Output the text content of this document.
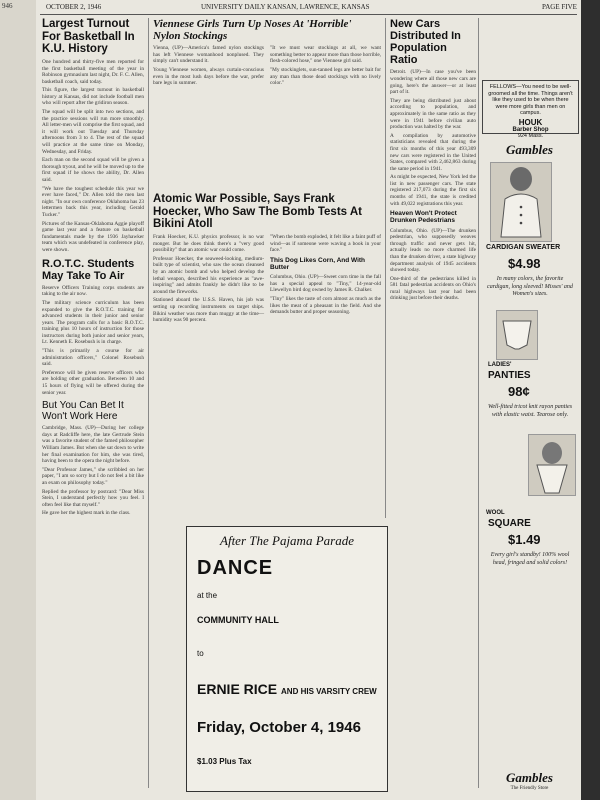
946	OCTOBER 2, 1946	UNIVERSITY DAILY KANSAN, LAWRENCE, KANSAS	PAGE FIVE
Largest Turnout For Basketball In K.U. History

One hundred and thirty-five men reported for the first basketball meeting of the year in Robinson gymnasium last night, Dr. F. C. Allen, basketball coach, said today.

This figure, the largest turnout in basketball history at Kansas, did not include football men who will report after the gridiron season.

The squad will be split into two sections, and the practice sessions will run more smoothly. All letter-men will comprise the first squad, and it will work out Tuesday and Thursday afternoons from 3 to 4. The rest of the squad will practice at the same time on Monday, Wednesday, and Friday.

Each man on the second squad will be given a thorough tryout, and he will be moved up to the first squad if he shows the ability, Dr. Allen said.

"We have the toughest schedule this year we ever have faced," Dr. Allen told the men last night. "In our own conference Oklahoma has 23 lettermen back this year, including Gerald Tucker."

Pictures of the Kansas-Oklahoma Aggie playoff game last year and a feature on basketball fundamentals made by the 1936 Jayhawker team which was undefeated in conference play, were shown.

R.O.T.C. Students May Take To Air

Reserve Officers Training corps students are taking to the air now.

The military science curriculum has been expanded to give the R.O.T.C. training for advanced students in their junior and senior years. The program calls for a basic R.O.T.C. training plus 10 hours of instruction for those instructors during both junior and senior years, Lt. Kenneth E. Rosebush is in charge.

"This is primarily a course for air administration officers," Colonel Rosebush said.

Preference will be given reserve officers who are holding other graduation. Between 10 and 15 hours of flying will be offered during the senior year.

But You Can Bet It Won't Work Here

Cambridge, Mass. (UP)—During her college days at Radcliffe here, the late Gertrude Stein was a favorite student of the famed philosopher William James. But when she sat down to write her final examination for him, she was tired, having been to the opera the night before.

"Dear Professor James," she scribbled on her paper, "I am so sorry but I do not feel a bit like an exam on philosophy today."

Replied the professor by postcard: "Dear Miss Stein, I understand perfectly how you feel. I often feel like that myself."

He gave her the highest mark in the class.

Viennese Girls Turn Up Noses At 'Horrible' Nylon Stockings

Vienna, (UP)—America's famed nylon stockings has left Viennese womanhood nonplused. They simply can't understand it.

Young Viennese women, always curtain-conscious even in the most lush days before the war, prefer bare legs in summer.

"It we must wear stockings at all, we want something better to appear more than those horrible, flesh-colored hose," one Viennese girl said.

"My stockinglets, sun-tanned legs are better bait for any man than those dead stockings with no lively color."

Atomic War Possible, Says Frank Hoecker, Who Saw The Bomb Tests At Bikini Atoll

Frank Hoecker, K.U. physics professor, is no war monger. But he does think there's a "very good possibility" that an atomic war could come.

Professor Hoecker, the seaweed-looking, medium-built type of scientist, who saw the ocean cleansed by an atomic bomb and who helped develop the lethal weapon, described his experience as "awe-inspiring" and admits frankly he didn't like to be around the fireworks.

Stationed aboard the U.S.S. Haven, his job was setting up recording instruments on target ships. Bikini weather was more than muggy at the time—humidity was 90 percent.

"When the bomb exploded, it felt like a faint puff of wind—as if someone were waving a book in your face."

This Dog Likes Corn, And With Butter

Columbus, Ohio. (UP)—Sweet corn time in the fall has a special appeal to "Tiny," 14-year-old Llewellyn bird dog owned by James R. Chalker.

"Tiny" likes the taste of corn almost as much as the likes the meat of a pheasant in the field. And she demands butter and proper seasoning.

New Cars Distributed In Population Ratio

Detroit. (UP)—In case you've been wondering where all those new cars are going, here's the answer—or at least part of it.

They are being distributed just about according to population, and approximately in the same ratio as they were in 1941 before civilian auto production was halted by the war.

A compilation by automotive statisticians revealed that during the first six months of this year 493,309 new cars were registered in the United States, compared with 2,462,863 during the same period in 1941.

As might be expected, New York led the list in new passenger cars. The state registered 217,073 during the first six months of 1941, the state is credited with 49,022 registrations this year.

Heaven Won't Protect Drunken Pedestrians

Columbus, Ohio. (UP)—The drunken pedestrian, who supposedly weaves through traffic and never gets hit, actually leads no more charmed life than the drunken driver, a state highway department analysis of 1945 accidents showed today.

One-third of the pedestrians killed in 581 fatal pedestrian accidents on Ohio's rural highways last year had been drinking just before their deaths.

After The Pajama Parade
DANCE
at the
COMMUNITY HALL
to
ERNIE RICE AND HIS VARSITY CREW
Friday, October 4, 1946
$1.03 Plus Tax
FELLOWS—You need to be well-groomed all the time. Things aren't like they used to be when there were more girls than men on campus.
HOUK
Barber Shop
924 Mass.
Gambles
CARDIGAN SWEATER
$4.98
In many colors, the favorite cardigan, long sleeved! Misses' and Women's sizes.
LADIES'
PANTIES
98¢
Well-fitted tricot knit rayon panties with elastic waist. Tearose only.
WOOL
SQUARE
$1.49
Every girl's standby! 100% wool head, fringed and solid colors!
Gambles
The Friendly Store
